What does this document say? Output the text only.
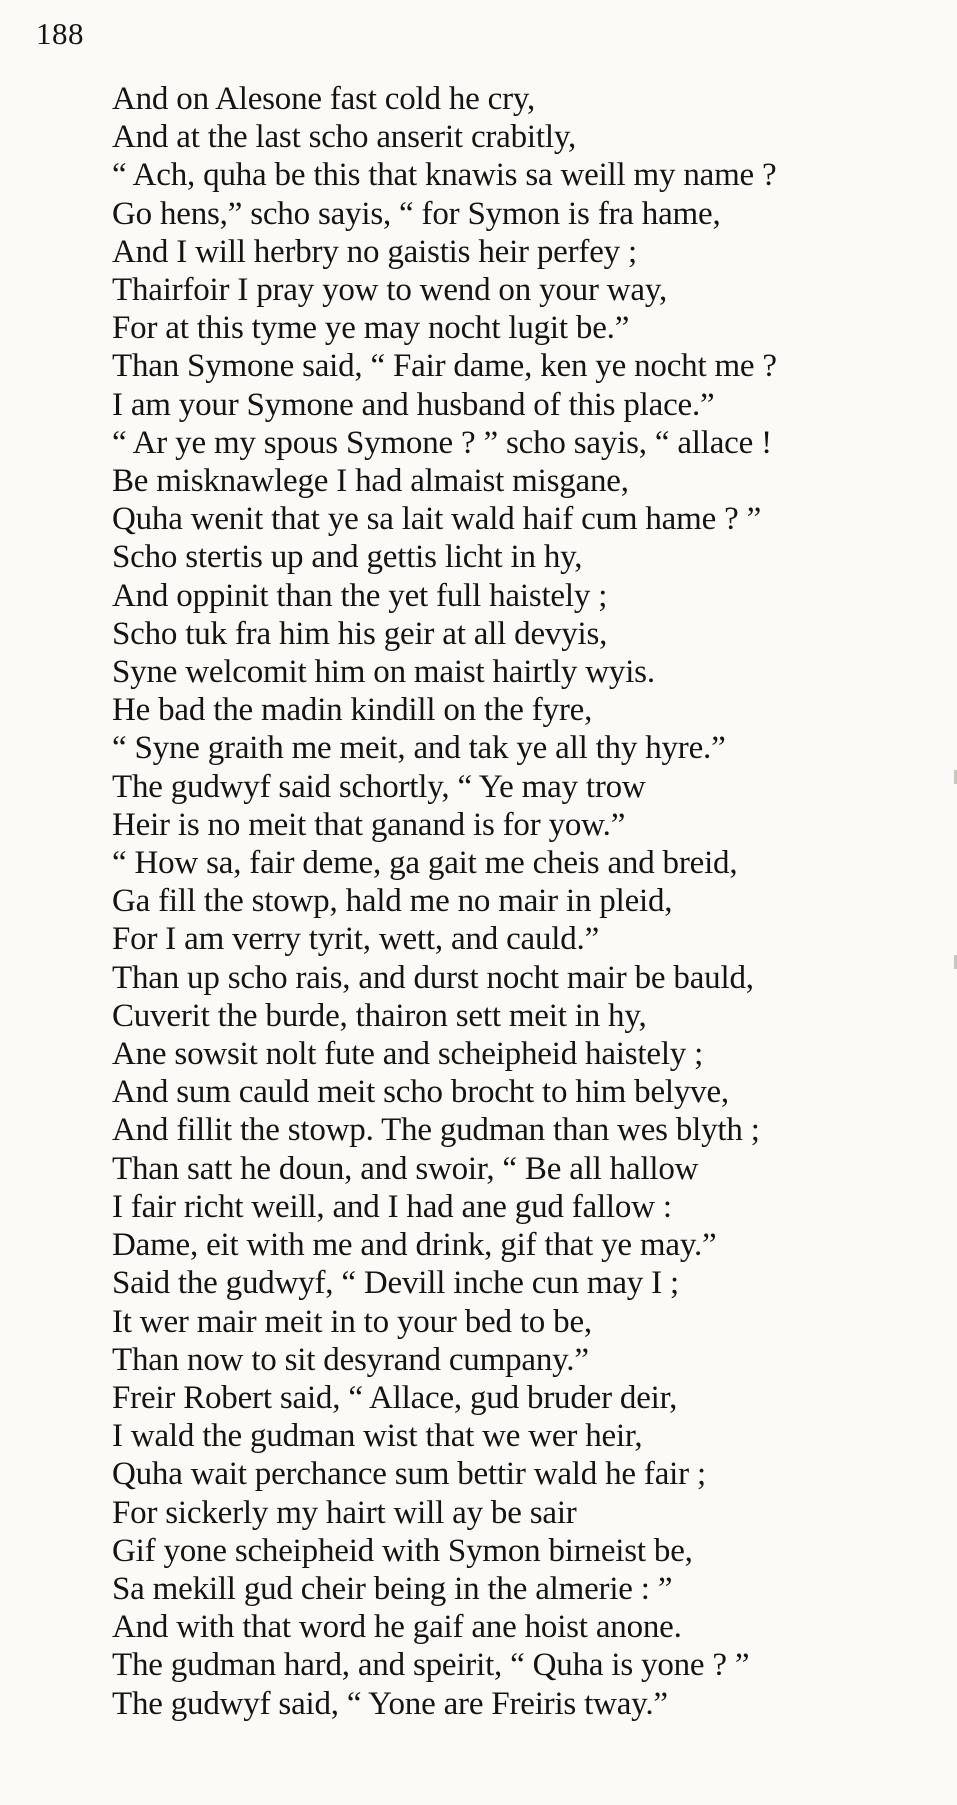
188
And on Alesone fast cold he cry,
And at the last scho anserit crabitly,
“ Ach, quha be this that knawis sa weill my name ?
Go hens,” scho sayis, “ for Symon is fra hame,
And I will herbry no gaistis heir perfey ;
Thairfoir I pray yow to wend on your way,
For at this tyme ye may nocht lugit be.”
Than Symone said, “ Fair dame, ken ye nocht me ?
I am your Symone and husband of this place.”
“ Ar ye my spous Symone ? ” scho sayis, “ allace !
Be misknawlege I had almaist misgane,
Quha wenit that ye sa lait wald haif cum hame ? ”
Scho stertis up and gettis licht in hy,
And oppinit than the yet full haistely ;
Scho tuk fra him his geir at all devyis,
Syne welcomit him on maist hairtly wyis.
He bad the madin kindill on the fyre,
“ Syne graith me meit, and tak ye all thy hyre.”
The gudwyf said schortly, “ Ye may trow
Heir is no meit that ganand is for yow.”
“ How sa, fair deme, ga gait me cheis and breid,
Ga fill the stowp, hald me no mair in pleid,
For I am verry tyrit, wett, and cauld.”
Than up scho rais, and durst nocht mair be bauld,
Cuverit the burde, thairon sett meit in hy,
Ane sowsit nolt fute and scheipheid haistely ;
And sum cauld meit scho brocht to him belyve,
And fillit the stowp. The gudman than wes blyth ;
Than satt he doun, and swoir, “ Be all hallow
I fair richt weill, and I had ane gud fallow :
Dame, eit with me and drink, gif that ye may.”
Said the gudwyf, “ Devill inche cun may I ;
It wer mair meit in to your bed to be,
Than now to sit desyrand cumpany.”
Freir Robert said, “ Allace, gud bruder deir,
I wald the gudman wist that we wer heir,
Quha wait perchance sum bettir wald he fair ;
For sickerly my hairt will ay be sair
Gif yone scheipheid with Symon birneist be,
Sa mekill gud cheir being in the almerie : ”
And with that word he gaif ane hoist anone.
The gudman hard, and speirit, “ Quha is yone ? ”
The gudwyf said, “ Yone are Freiris tway.”
